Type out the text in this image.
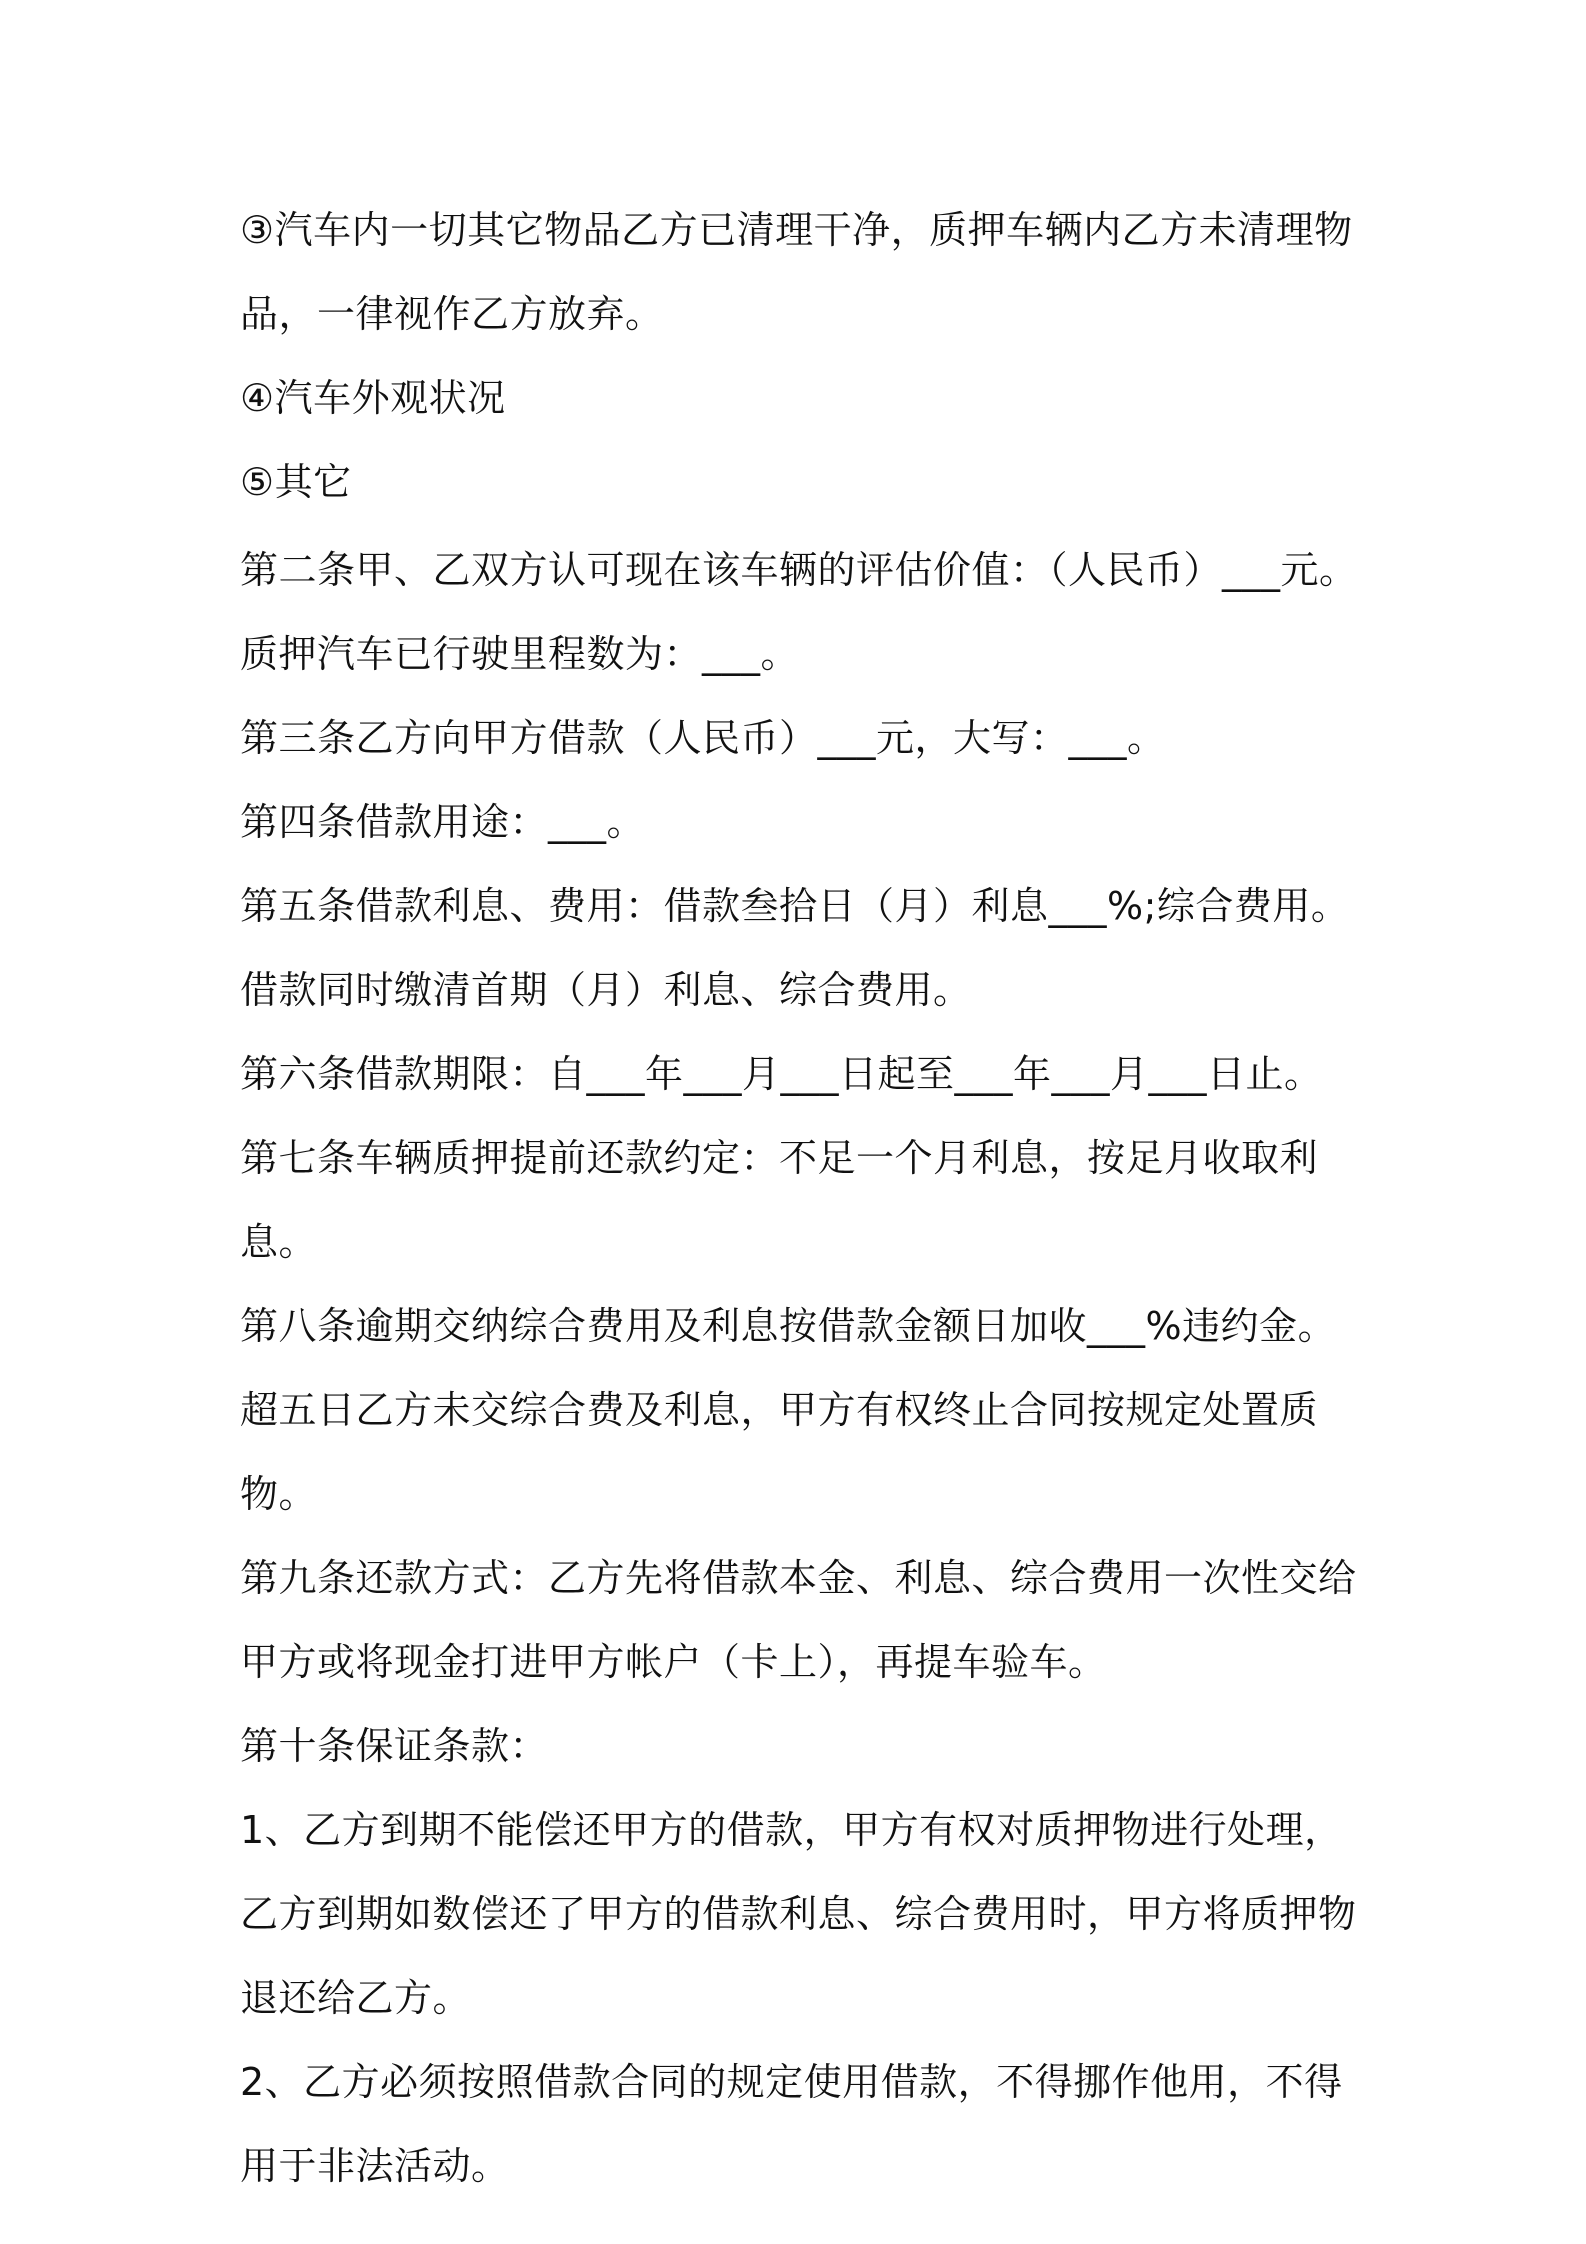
③汽车内一切其它物品乙方已清理干净，质押车辆内乙方未清理物品，一律视作乙方放弃。

④汽车外观状况

⑤其它

第二条甲、乙双方认可现在该车辆的评估价值：（人民币）___元。

质押汽车已行驶里程数为：___。

第三条乙方向甲方借款（人民币）___元，大写：___。

第四条借款用途：___。

第五条借款利息、费用：借款叁拾日（月）利息___%;综合费用。借款同时缴清首期（月）利息、综合费用。

第六条借款期限：自___年___月___日起至___年___月___日止。

第七条车辆质押提前还款约定：不足一个月利息，按足月收取利息。

第八条逾期交纳综合费用及利息按借款金额日加收___%违约金。超五日乙方未交综合费及利息，甲方有权终止合同按规定处置质物。

第九条还款方式：乙方先将借款本金、利息、综合费用一次性交给甲方或将现金打进甲方帐户（卡上），再提车验车。

第十条保证条款：

1、乙方到期不能偿还甲方的借款，甲方有权对质押物进行处理，乙方到期如数偿还了甲方的借款利息、综合费用时，甲方将质押物退还给乙方。

2、乙方必须按照借款合同的规定使用借款，不得挪作他用，不得用于非法活动。
